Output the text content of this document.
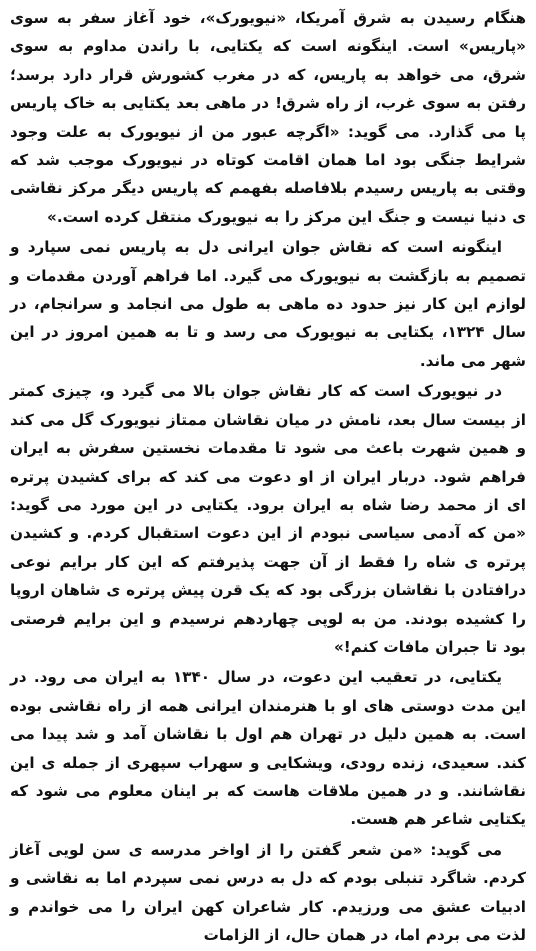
هنگام رسیدن به شرق آمریکا، «نیویورک»، خود آغاز سفر به سوی «پاریس» است. اینگونه است که یکتایی، با راندن مداوم به سوی شرق، می خواهد به پاریس، که در مغرب کشورش قرار دارد برسد؛ رفتن به سوی غرب، از راه شرق! در ماهی بعد یکتایی به خاک پاریس پا می گذارد. می گوید: «اگرچه عبور من از نیویورک به علت وجود شرایط جنگی بود اما همان اقامت کوتاه در نیویورک موجب شد که وقتی به پاریس رسیدم بلافاصله بفهمم که پاریس دیگر مرکز نقاشی ی دنیا نیست و جنگ این مرکز را به نیویورک منتقل کرده است.»

اینگونه است که نقاش جوان ایرانی دل به پاریس نمی سپارد و تصمیم به بازگشت به نیویورک می گیرد. اما فراهم آوردن مقدمات و لوازم این کار نیز حدود ده ماهی به طول می انجامد و سرانجام، در سال ۱۳۲۴، یکتایی به نیویورک می رسد و تا به همین امروز در این شهر می ماند.

در نیویورک است که کار نقاش جوان بالا می گیرد و، چیزی کمتر از بیست سال بعد، نامش در میان نقاشان ممتاز نیویورک گل می کند و همین شهرت باعث می شود تا مقدمات نخستین سفرش به ایران فراهم شود. دربار ایران از او دعوت می کند که برای کشیدن پرتره ای از محمد رضا شاه به ایران برود. یکتایی در این مورد می گوید: «من که آدمی سیاسی نبودم از این دعوت استقبال کردم. و کشیدن پرتره ی شاه را فقط از آن جهت پذیرفتم که این کار برایم نوعی درافتادن با نقاشان بزرگی بود که یک قرن پیش پرتره ی شاهان اروپا را کشیده بودند. من به لوپی چهاردهم نرسیدم و این برایم فرصتی بود تا جبران مافات کنم!»

یکتایی، در تعقیب این دعوت، در سال ۱۳۴۰ به ایران می رود. در این مدت دوستی های او با هنرمندان ایرانی همه از راه نقاشی بوده است. به همین دلیل در تهران هم اول با نقاشان آمد و شد پیدا می کند. سعیدی، زنده رودی، ویشکایی و سهراب سپهری از جمله ی این نقاشانند. و در همین ملاقات هاست که بر اینان معلوم می شود که یکتایی شاعر هم هست.

می گوید: «من شعر گفتن را از اواخر مدرسه ی سن لویی آغاز کردم. شاگرد تنبلی بودم که دل به درس نمی سپردم اما به نقاشی و ادبیات عشق می ورزیدم. کار شاعران کهن ایران را می خواندم و لذت می بردم اما، در همان حال، از الزامات
